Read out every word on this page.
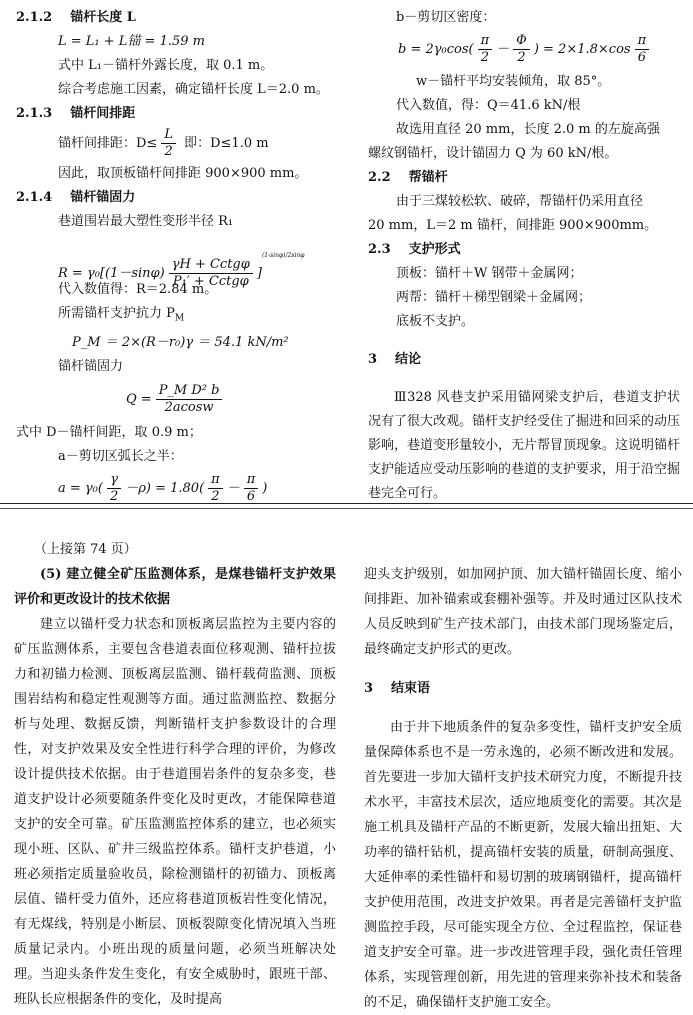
2.1.2 锚杆长度 L
L = L₁ + L锚 = 1.59 m
式中 L₁－锚杆外露长度，取 0.1 m。
综合考虑施工因素，确定锚杆长度 L＝2.0 m。
2.1.3 锚杆间排距
锚杆间排距：$D\le \frac{L}{2}$ 即：D≤1.0 m
因此，取顶板锚杆间排距 900×900 mm。
2.1.4 锚杆锚固力
巷道围岩最大塑性变形半径 R₁
$R = \gamma_0[(1-\sin\varphi) \frac{\text{γH + Cctgφ}}{\text{P₁′ + Cctgφ}} ]^{(1-sin\varphi)/2sin\varphi}$
代入数值得：R＝2.84 m。
所需锚杆支护抗力 $P_M$
P_M ＝ 2×(R－r₀)γ ＝ 54.1 kN/m²
锚杆锚固力
$Q = \frac{\text{P\_M D² b}}{2acosw}$
式中 D－锚杆间距，取 0.9 m；
a－剪切区弧长之半：
$a = \gamma_0( \frac{\gamma}{2} -\rho) = 1.80( \frac{\pi}{2} - \frac{\pi}{6}$ )
b－剪切区密度：
$b = 2\gamma_0\cos( \frac{\pi}{2} - \frac{\Phi}{2}$ ) = $2\times 1.8\times\cos \frac{\pi}{6}$
w－锚杆平均安装倾角，取 85°。
代入数值，得：Q＝41.6 kN/根
故选用直径 20 mm，长度 2.0 m 的左旋高强
螺纹钢锚杆，设计锚固力 Q 为 60 kN/根。
2.2 帮锚杆
由于三煤较松软、破碎，帮锚杆仍采用直径
20 mm，L＝2 m 锚杆，间排距 900×900mm。
2.3 支护形式
顶板：锚杆＋W 钢带＋金属网；
两帮：锚杆＋梯型钢梁＋金属网；
底板不支护。
3 结论
Ⅲ328 风巷支护采用锚网梁支护后，巷道支护状况有了很大改观。锚杆支护经受住了掘进和回采的动压影响，巷道变形量较小，无片帮冒顶现象。这说明锚杆支护能适应受动压影响的巷道的支护要求，用于沿空掘巷完全可行。
（上接第 74 页）
(5) 建立健全矿压监测体系，是煤巷锚杆支护效果评价和更改设计的技术依据
建立以锚杆受力状态和顶板离层监控为主要内容的矿压监测体系，主要包含巷道表面位移观测、锚杆拉拔力和初锚力检测、顶板离层监测、锚杆载荷监测、顶板围岩结构和稳定性观测等方面。通过监测监控、数据分析与处理、数据反馈，判断锚杆支护参数设计的合理性，对支护效果及安全性进行科学合理的评价，为修改设计提供技术依据。由于巷道围岩条件的复杂多变，巷道支护设计必须要随条件变化及时更改，才能保障巷道支护的安全可靠。矿压监测监控体系的建立，也必须实现小班、区队、矿井三级监控体系。锚杆支护巷道，小班必须指定质量验收员，除检测锚杆的初锚力、顶板离层值、锚杆受力值外，还应将巷道顶板岩性变化情况，有无煤线，特别是小断层、顶板裂隙变化情况填入当班质量记录内。小班出现的质量问题，必须当班解决处理。当迎头条件发生变化，有安全威胁时，跟班干部、班队长应根据条件的变化，及时提高
迎头支护级别，如加网护顶、加大锚杆锚固长度、缩小间排距、加补锚索或套棚补强等。并及时通过区队技术人员反映到矿生产技术部门，由技术部门现场鉴定后，最终确定支护形式的更改。
3 结束语
由于井下地质条件的复杂多变性，锚杆支护安全质量保障体系也不是一劳永逸的，必须不断改进和发展。首先要进一步加大锚杆支护技术研究力度，不断提升技术水平，丰富技术层次，适应地质变化的需要。其次是施工机具及锚杆产品的不断更新，发展大输出扭矩、大功率的锚杆钻机，提高锚杆安装的质量，研制高强度、大延伸率的柔性锚杆和易切割的玻璃钢锚杆，提高锚杆支护使用范围，改进支护效果。再者是完善锚杆支护监测监控手段，尽可能实现全方位、全过程监控，保证巷道支护安全可靠。进一步改进管理手段，强化责任管理体系，实现管理创新，用先进的管理来弥补技术和装备的不足，确保锚杆支护施工安全。
